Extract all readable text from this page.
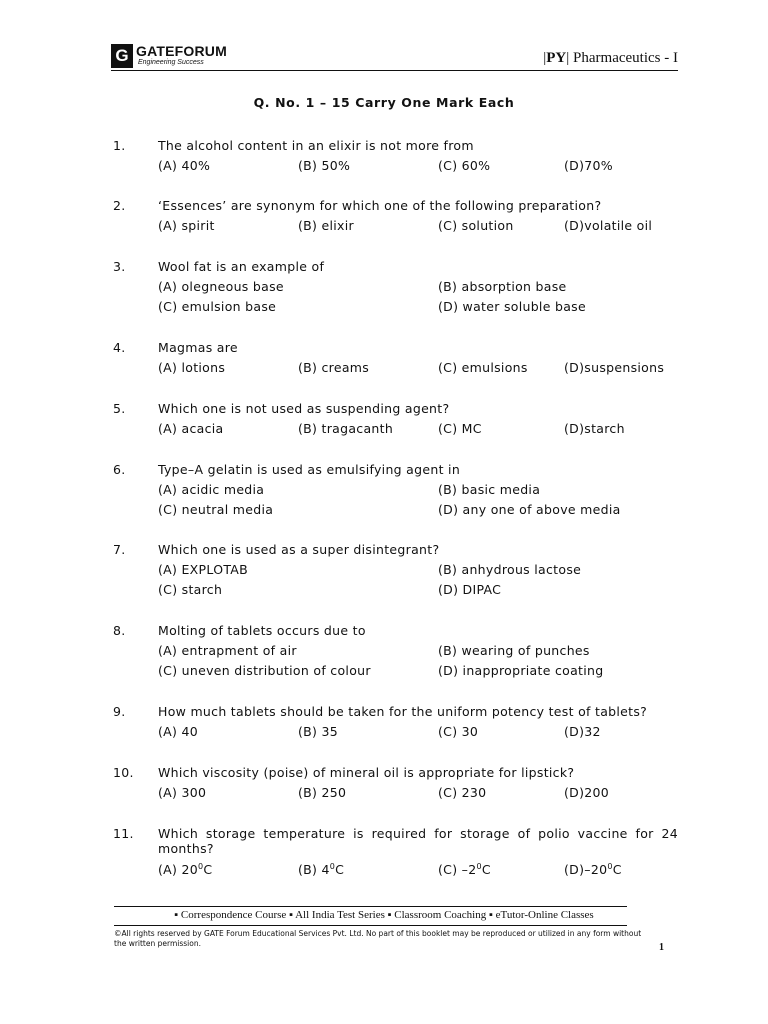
G GATEFORUM
Engineering Success	|PY| Pharmaceutics - I
Q. No. 1 – 15 Carry One Mark Each
1.	The alcohol content in an elixir is not more from
(A) 40%	(B) 50%	(C) 60%	(D)70%
2.	‘Essences’ are synonym for which one of the following preparation?
(A) spirit	(B) elixir	(C) solution	(D)volatile oil
3.	Wool fat is an example of
(A) olegneous base	(B) absorption base
(C) emulsion base	(D) water soluble base
4.	Magmas are
(A) lotions	(B) creams	(C) emulsions	(D)suspensions
5.	Which one is not used as suspending agent?
(A) acacia	(B) tragacanth	(C) MC	(D)starch
6.	Type–A gelatin is used as emulsifying agent in
(A) acidic media	(B) basic media
(C) neutral media	(D) any one of above media
7.	Which one is used as a super disintegrant?
(A) EXPLOTAB	(B) anhydrous lactose
(C) starch	(D) DIPAC
8.	Molting of tablets occurs due to
(A) entrapment of air	(B) wearing of punches
(C) uneven distribution of colour	(D) inappropriate coating
9.	How much tablets should be taken for the uniform potency test of tablets?
(A) 40	(B) 35	(C) 30	(D)32
10. Which viscosity (poise) of mineral oil is appropriate for lipstick?
(A) 300	(B) 250	(C) 230	(D)200
11. Which storage temperature is required for storage of polio vaccine for 24 months?
(A) $20^0C$	(B) $4^0C$	(C) $-2^0C$	$(D)-20^0C$
▪ Correspondence Course ▪ All India Test Series ▪ Classroom Coaching ▪ eTutor-Online Classes
©All rights reserved by GATE Forum Educational Services Pvt. Ltd. No part of this booklet may be reproduced or utilized in any form without the written permission.	1
